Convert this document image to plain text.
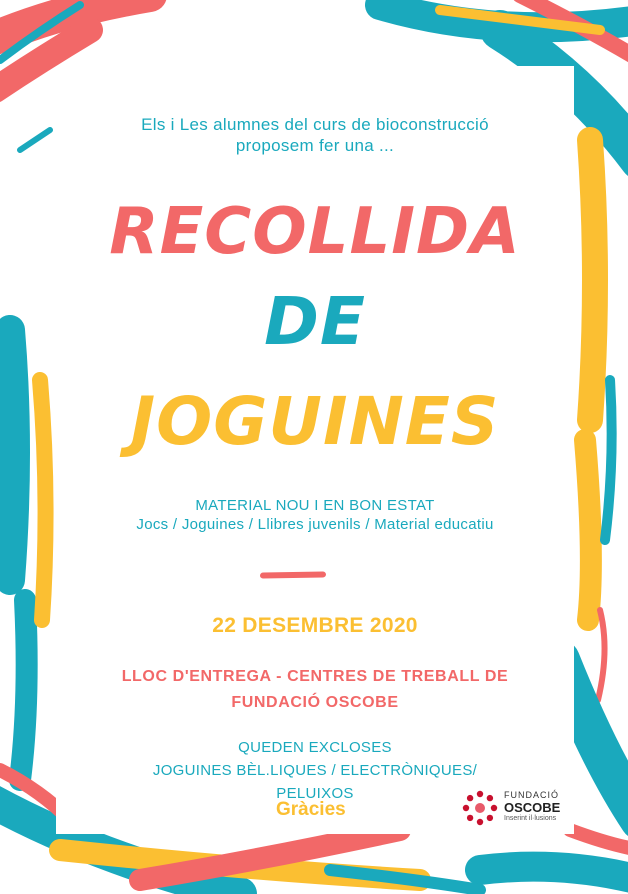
Els i Les alumnes del curs de bioconstrucció
proposem fer una ...
RECOLLIDA
DE
JOGUINES
MATERIAL NOU I EN BON ESTAT
Jocs / Joguines / Llibres juvenils / Material educatiu
22 DESEMBRE 2020
LLOC D'ENTREGA - CENTRES DE TREBALL DE
FUNDACIÓ OSCOBE
QUEDEN EXCLOSES
JOGUINES BÈL.LIQUES / ELECTRÒNIQUES/
PELUIXOS
Gràcies
FUNDACIÓ
OSCOBE
Inserint il·lusions
